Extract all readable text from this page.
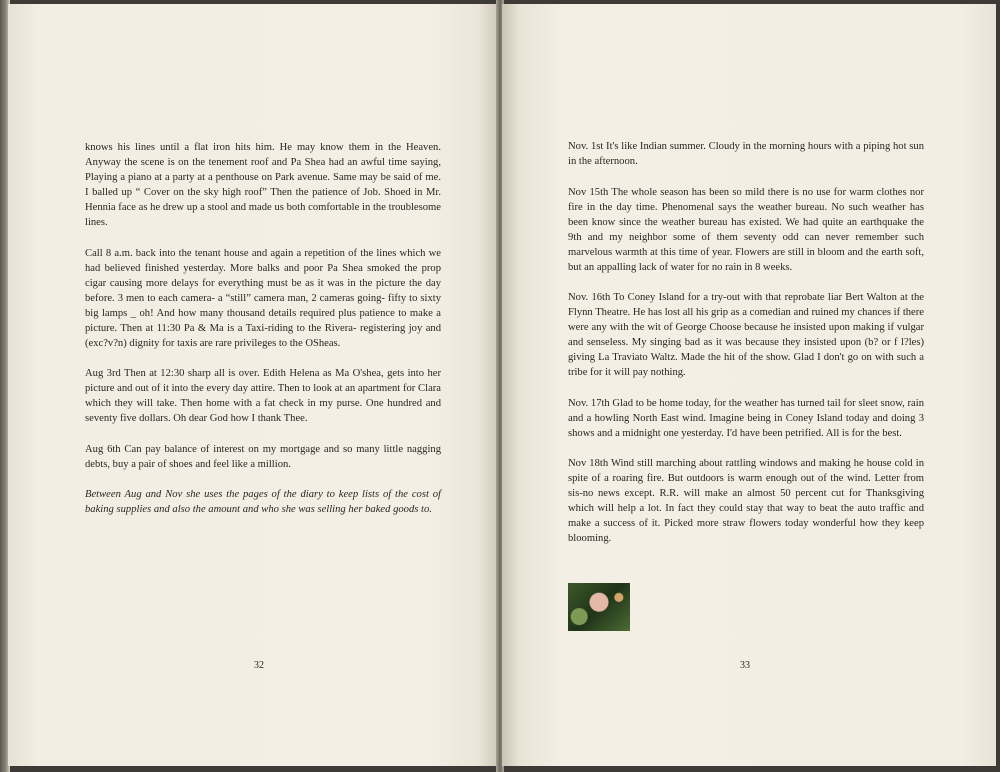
knows his lines until a flat iron hits him. He may know them in the Heaven. Anyway the scene is on the tenement roof and Pa Shea had an awful time saying, Playing a piano at a party at a penthouse on Park avenue. Same may be said of me. I balled up “ Cover on the sky high roof” Then the patience of Job. Shoed in Mr. Hennia face as he drew up a stool and made us both comfortable in the troublesome lines.

Call 8 a.m. back into the tenant house and again a repetition of the lines which we had believed finished yesterday. More balks and poor Pa Shea smoked the prop cigar causing more delays for everything must be as it was in the picture the day before. 3 men to each camera- a “still” camera man, 2 cameras going- fifty to sixty big lamps _ oh! And how many thousand details required plus patience to make a picture. Then at 11:30 Pa & Ma is a Taxi-riding to the Rivera- registering joy and (exc?v?n) dignity for taxis are rare privileges to the OSheas.

Aug 3rd Then at 12:30 sharp all is over. Edith Helena as Ma O'shea, gets into her picture and out of it into the every day attire. Then to look at an apartment for Clara which they will take. Then home with a fat check in my purse. One hundred and seventy five dollars. Oh dear God how I thank Thee.

Aug 6th Can pay balance of interest on my mortgage and so many little nagging debts, buy a pair of shoes and feel like a million.

Between Aug and Nov she uses the pages of the diary to keep lists of the cost of baking supplies and also the amount and who she was selling her baked goods to.

32

Nov. 1st It's like Indian summer. Cloudy in the morning hours with a piping hot sun in the afternoon.

Nov 15th The whole season has been so mild there is no use for warm clothes nor fire in the day time. Phenomenal says the weather bureau. No such weather has been know since the weather bureau has existed. We had quite an earthquake the 9th and my neighbor some of them seventy odd can never remember such marvelous warmth at this time of year. Flowers are still in bloom and the earth soft, but an appalling lack of water for no rain in 8 weeks.

Nov. 16th To Coney Island for a try-out with that reprobate liar Bert Walton at the Flynn Theatre. He has lost all his grip as a comedian and ruined my chances if there were any with the wit of George Choose because he insisted upon making if vulgar and senseless. My singing bad as it was because they insisted upon (b? or f l?les) giving La Traviato Waltz. Made the hit of the show. Glad I don't go on with such a tribe for it will pay nothing.

Nov. 17th Glad to be home today, for the weather has turned tail for sleet snow, rain and a howling North East wind. Imagine being in Coney Island today and doing 3 shows and a midnight one yesterday. I'd have been petrified. All is for the best.

Nov 18th Wind still marching about rattling windows and making he house cold in spite of a roaring fire. But outdoors is warm enough out of the wind. Letter from sis-no news except. R.R. will make an almost 50 percent cut for Thanksgiving which will help a lot. In fact they could stay that way to beat the auto traffic and make a success of it. Picked more straw flowers today wonderful how they keep blooming.

33
